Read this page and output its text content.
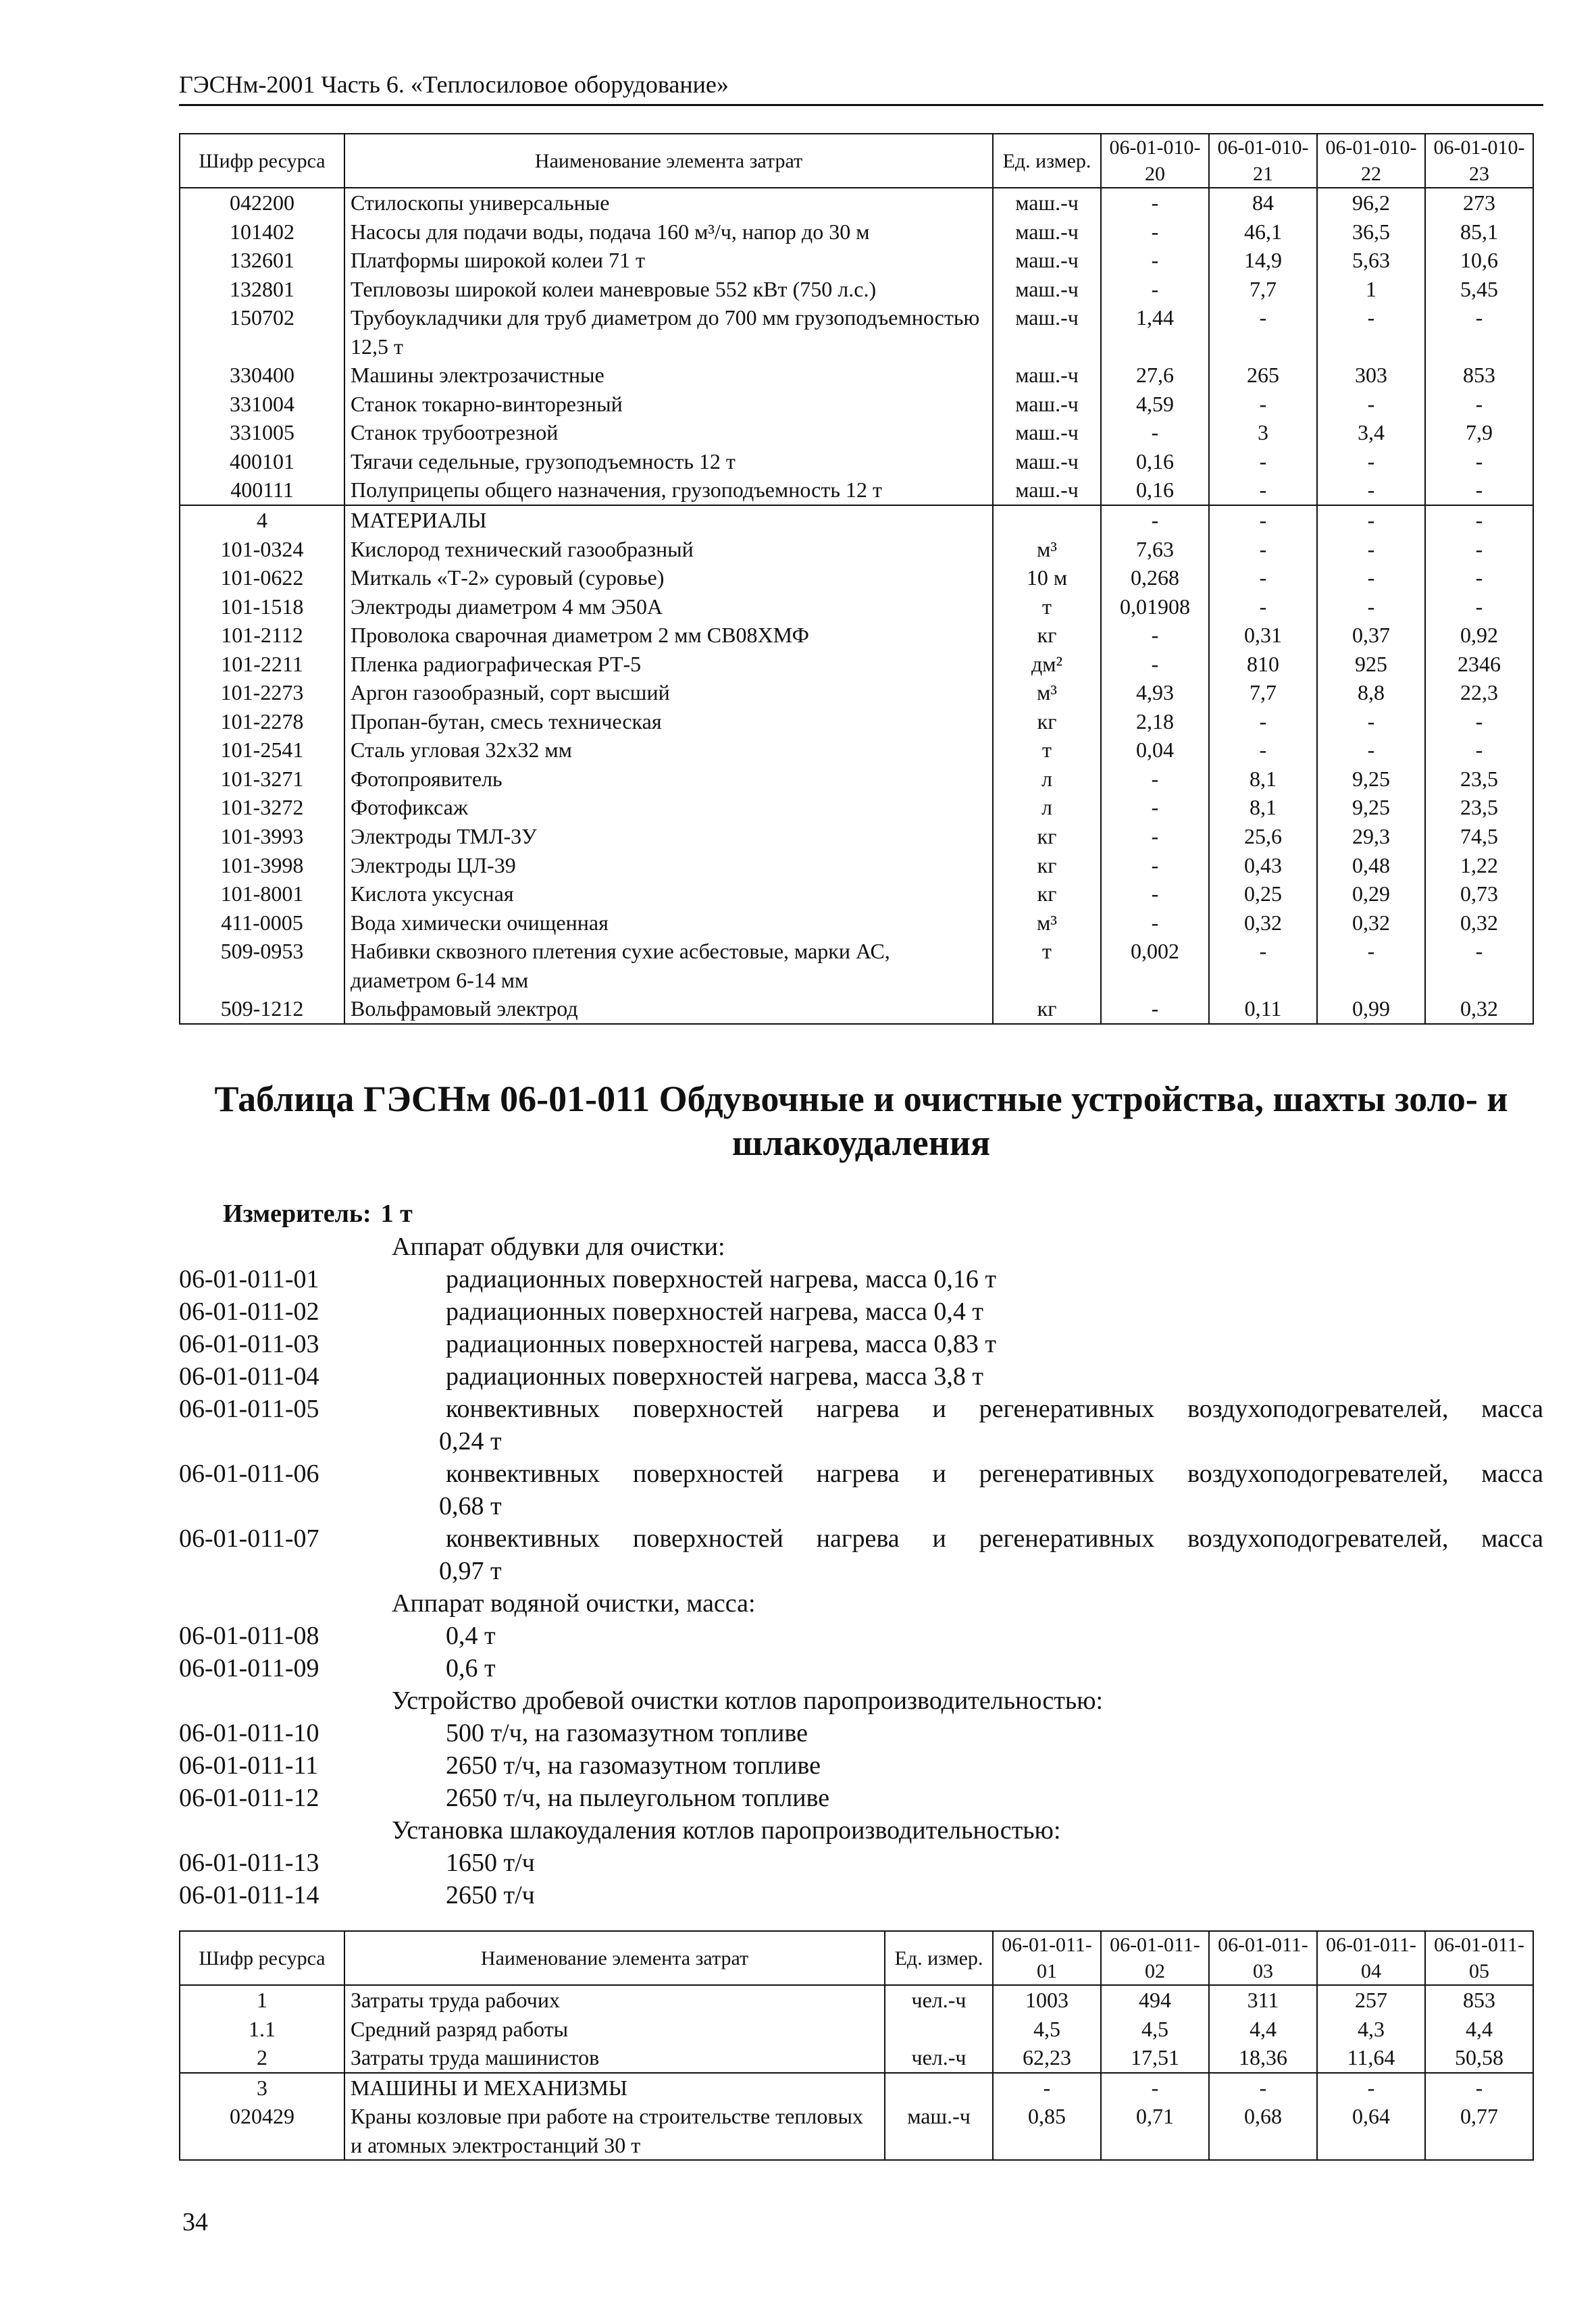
ГЭСНм-2001 Часть 6. «Теплосиловое оборудование»
Шифр ресурса	Наименование элемента затрат	Ед. измер.	06-01-010-20	06-01-010-21	06-01-010-22	06-01-010-23
042200	Стилоскопы универсальные	маш.-ч	-	84	96,2	273
101402	Насосы для подачи воды, подача 160 м³/ч, напор до 30 м	маш.-ч	-	46,1	36,5	85,1
132601	Платформы широкой колеи 71 т	маш.-ч	-	14,9	5,63	10,6
132801	Тепловозы широкой колеи маневровые 552 кВт (750 л.с.)	маш.-ч	-	7,7	1	5,45
150702	Трубоукладчики для труб диаметром до 700 мм грузоподъемностью 12,5 т	маш.-ч	1,44	-	-	-
330400	Машины электрозачистные	маш.-ч	27,6	265	303	853
331004	Станок токарно-винторезный	маш.-ч	4,59	-	-	-
331005	Станок трубоотрезной	маш.-ч	-	3	3,4	7,9
400101	Тягачи седельные, грузоподъемность 12 т	маш.-ч	0,16	-	-	-
400111	Полуприцепы общего назначения, грузоподъемность 12 т	маш.-ч	0,16	-	-	-
4	МАТЕРИАЛЫ		-	-	-	-
101-0324	Кислород технический газообразный	м³	7,63	-	-	-
101-0622	Миткаль «Т-2» суровый (суровье)	10 м	0,268	-	-	-
101-1518	Электроды диаметром 4 мм Э50А	т	0,01908	-	-	-
101-2112	Проволока сварочная диаметром 2 мм СВ08ХМФ	кг	-	0,31	0,37	0,92
101-2211	Пленка радиографическая РТ-5	дм²	-	810	925	2346
101-2273	Аргон газообразный, сорт высший	м³	4,93	7,7	8,8	22,3
101-2278	Пропан-бутан, смесь техническая	кг	2,18	-	-	-
101-2541	Сталь угловая 32х32 мм	т	0,04	-	-	-
101-3271	Фотопроявитель	л	-	8,1	9,25	23,5
101-3272	Фотофиксаж	л	-	8,1	9,25	23,5
101-3993	Электроды ТМЛ-3У	кг	-	25,6	29,3	74,5
101-3998	Электроды ЦЛ-39	кг	-	0,43	0,48	1,22
101-8001	Кислота уксусная	кг	-	0,25	0,29	0,73
411-0005	Вода химически очищенная	м³	-	0,32	0,32	0,32
509-0953	Набивки сквозного плетения сухие асбестовые, марки АС, диаметром 6-14 мм	т	0,002	-	-	-
509-1212	Вольфрамовый электрод	кг	-	0,11	0,99	0,32
Таблица ГЭСНм 06-01-011 Обдувочные и очистные устройства, шахты золо- и шлакоудаления
Измеритель: 1 т
Аппарат обдувки для очистки:
06-01-011-01	радиационных поверхностей нагрева, масса 0,16 т
06-01-011-02	радиационных поверхностей нагрева, масса 0,4 т
06-01-011-03	радиационных поверхностей нагрева, масса 0,83 т
06-01-011-04	радиационных поверхностей нагрева, масса 3,8 т
06-01-011-05	конвективных поверхностей нагрева и регенеративных воздухоподогревателей, масса
0,24 т
06-01-011-06	конвективных поверхностей нагрева и регенеративных воздухоподогревателей, масса
0,68 т
06-01-011-07	конвективных поверхностей нагрева и регенеративных воздухоподогревателей, масса
0,97 т
Аппарат водяной очистки, масса:
06-01-011-08	0,4 т
06-01-011-09	0,6 т
Устройство дробевой очистки котлов паропроизводительностью:
06-01-011-10	500 т/ч, на газомазутном топливе
06-01-011-11	2650 т/ч, на газомазутном топливе
06-01-011-12	2650 т/ч, на пылеугольном топливе
Установка шлакоудаления котлов паропроизводительностью:
06-01-011-13	1650 т/ч
06-01-011-14	2650 т/ч
Шифр ресурса	Наименование элемента затрат	Ед. измер.	06-01-011-01	06-01-011-02	06-01-011-03	06-01-011-04	06-01-011-05
1	Затраты труда рабочих	чел.-ч	1003	494	311	257	853
1.1	Средний разряд работы		4,5	4,5	4,4	4,3	4,4
2	Затраты труда машинистов	чел.-ч	62,23	17,51	18,36	11,64	50,58
3	МАШИНЫ И МЕХАНИЗМЫ		-	-	-	-	-
020429	Краны козловые при работе на строительстве тепловых и атомных электростанций 30 т	маш.-ч	0,85	0,71	0,68	0,64	0,77
34
